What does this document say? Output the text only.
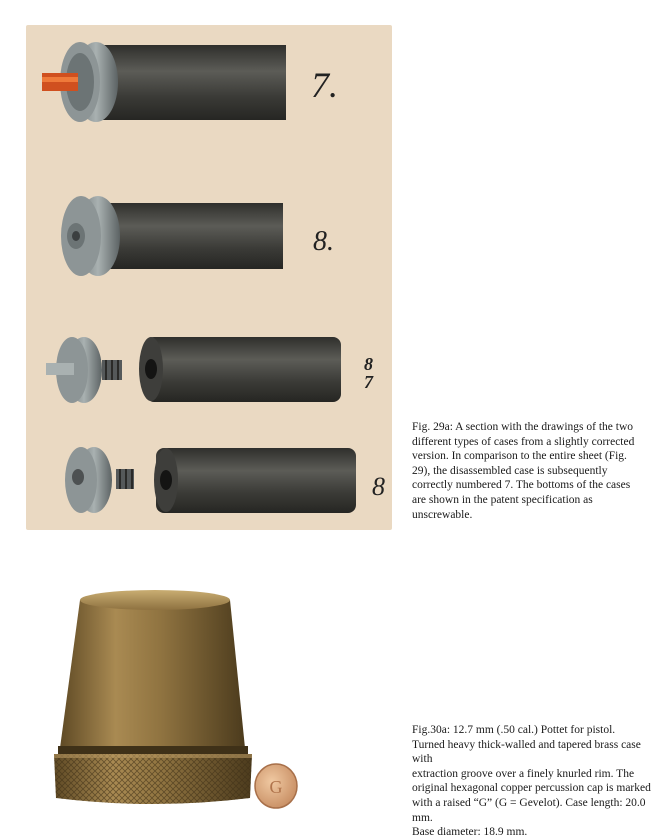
7.
8.
8 7
8

Fig. 29a: A section with the drawings of the two different types of cases from a slightly corrected version. In comparison to the entire sheet (Fig. 29), the disassembled case is subsequently correctly numbered 7. The bottoms of the cases are shown in the patent specification as unscrewable.

G

Fig.30a: 12.7 mm (.50 cal.) Pottet for pistol.

Turned heavy thick-walled and tapered brass case with

extraction groove over a finely knurled rim. The

original hexagonal copper percussion cap is marked

with a raised “G” (G = Gevelot). Case length: 20.0 mm.

Base diameter: 18.9 mm.
